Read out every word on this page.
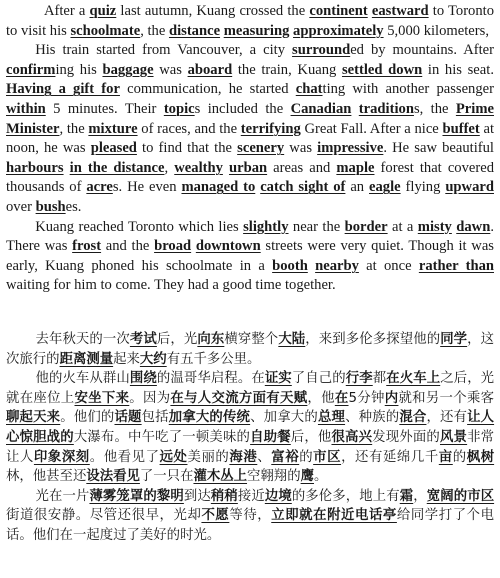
After a quiz last autumn, Kuang crossed the continent eastward to Toronto to visit his schoolmate, the distance measuring approximately 5,000 kilometers,

His train started from Vancouver, a city surrounded by mountains. After confirming his baggage was aboard the train, Kuang settled down in his seat. Having a gift for communication, he started chatting with another passenger within 5 minutes. Their topics included the Canadian traditions, the Prime Minister, the mixture of races, and the terrifying Great Fall. After a nice buffet at noon, he was pleased to find that the scenery was impressive. He saw beautiful harbours in the distance, wealthy urban areas and maple forest that covered thousands of acres. He even managed to catch sight of an eagle flying upward over bushes.

Kuang reached Toronto which lies slightly near the border at a misty dawn. There was frost and the broad downtown streets were very quiet. Though it was early, Kuang phoned his schoolmate in a booth nearby at once rather than waiting for him to come. They had a good time together.

去年秋天的一次考试后，光向东横穿整个大陆，来到多伦多探望他的同学，这次旅行的距离测量起来大约有五千多公里。

他的火车从群山围绕的温哥华启程。在证实了自己的行李都在火车上之后，光就在座位上安坐下来。因为在与人交流方面有天赋，他在5分钟内就和另一个乘客聊起天来。他们的话题包括加拿大的传统、加拿大的总理、种族的混合，还有让人心惊胆战的大瀑布。中午吃了一顿美味的自助餐后，他很高兴发现外面的风景非常让人印象深刻。他看见了远处美丽的海港、富裕的市区，还有延绵几千亩的枫树林，他甚至还设法看见了一只在灌木丛上空翱翔的鹰。

光在一片薄雾笼罩的黎明到达稍稍接近边境的多伦多，地上有霜，宽阔的市区街道很安静。尽管还很早，光却不愿等待，立即就在附近电话亭给同学打了个电话。他们在一起度过了美好的时光。
